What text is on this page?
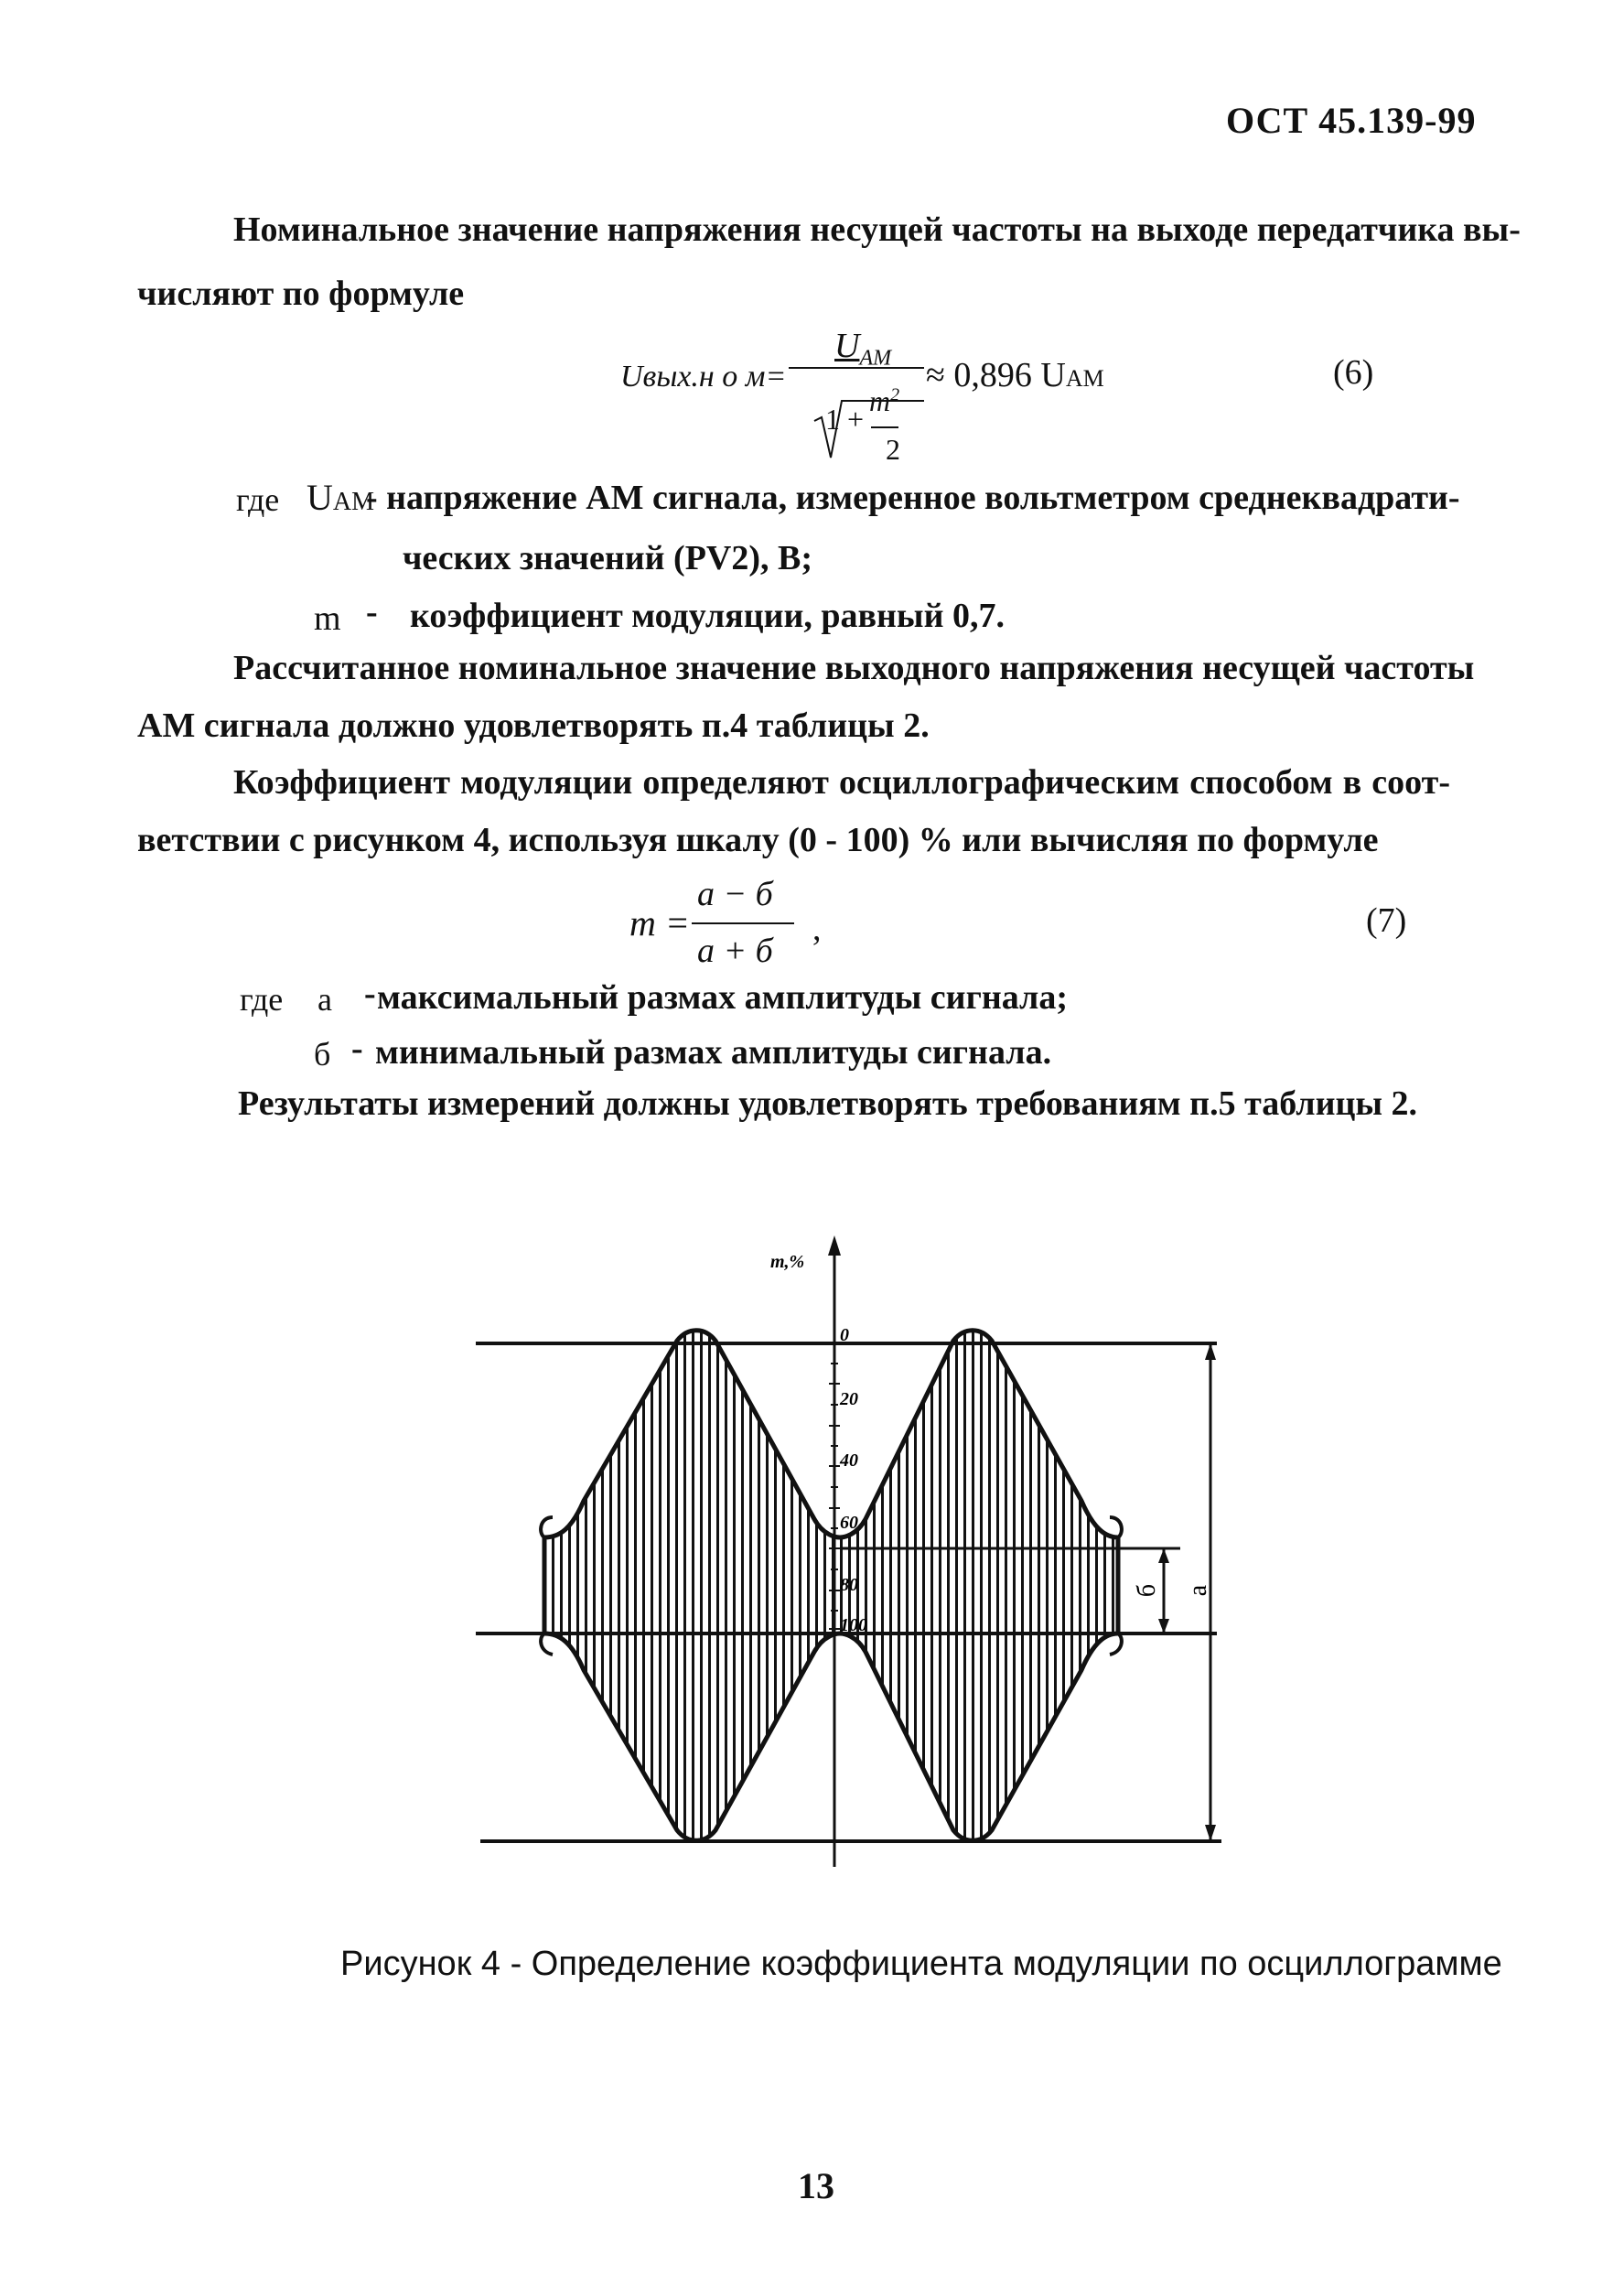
ОСТ 45.139-99
Номинальное значение напряжения несущей частоты на выходе передатчика вы-
числяют по формуле
Uвых.н о м=
$U_{AM}$
1 +
$m^2$
2
≈ 0,896 UAM	(6)
где UAM
- напряжение АМ сигнала, измеренное вольтметром среднеквадрати-
ческих значений (PV2), В;
m - коэффициент модуляции, равный 0,7.
Рассчитанное номинальное значение выходного напряжения несущей частоты
АМ сигнала должно удовлетворять п.4 таблицы 2.
Коэффициент модуляции определяют осциллографическим способом в соот-
ветствии с рисунком 4, используя шкалу (0 - 100) % или вычисляя по формуле
m =
a − б
a + б
,	(7)
где а - максимальный размах амплитуды сигнала;
б - минимальный размах амплитуды сигнала.
Результаты измерений должны удовлетворять требованиям п.5 таблицы 2.
m,%
0
20
40
60
80
100
б а
Рисунок 4 - Определение коэффициента модуляции по осциллограмме
13
